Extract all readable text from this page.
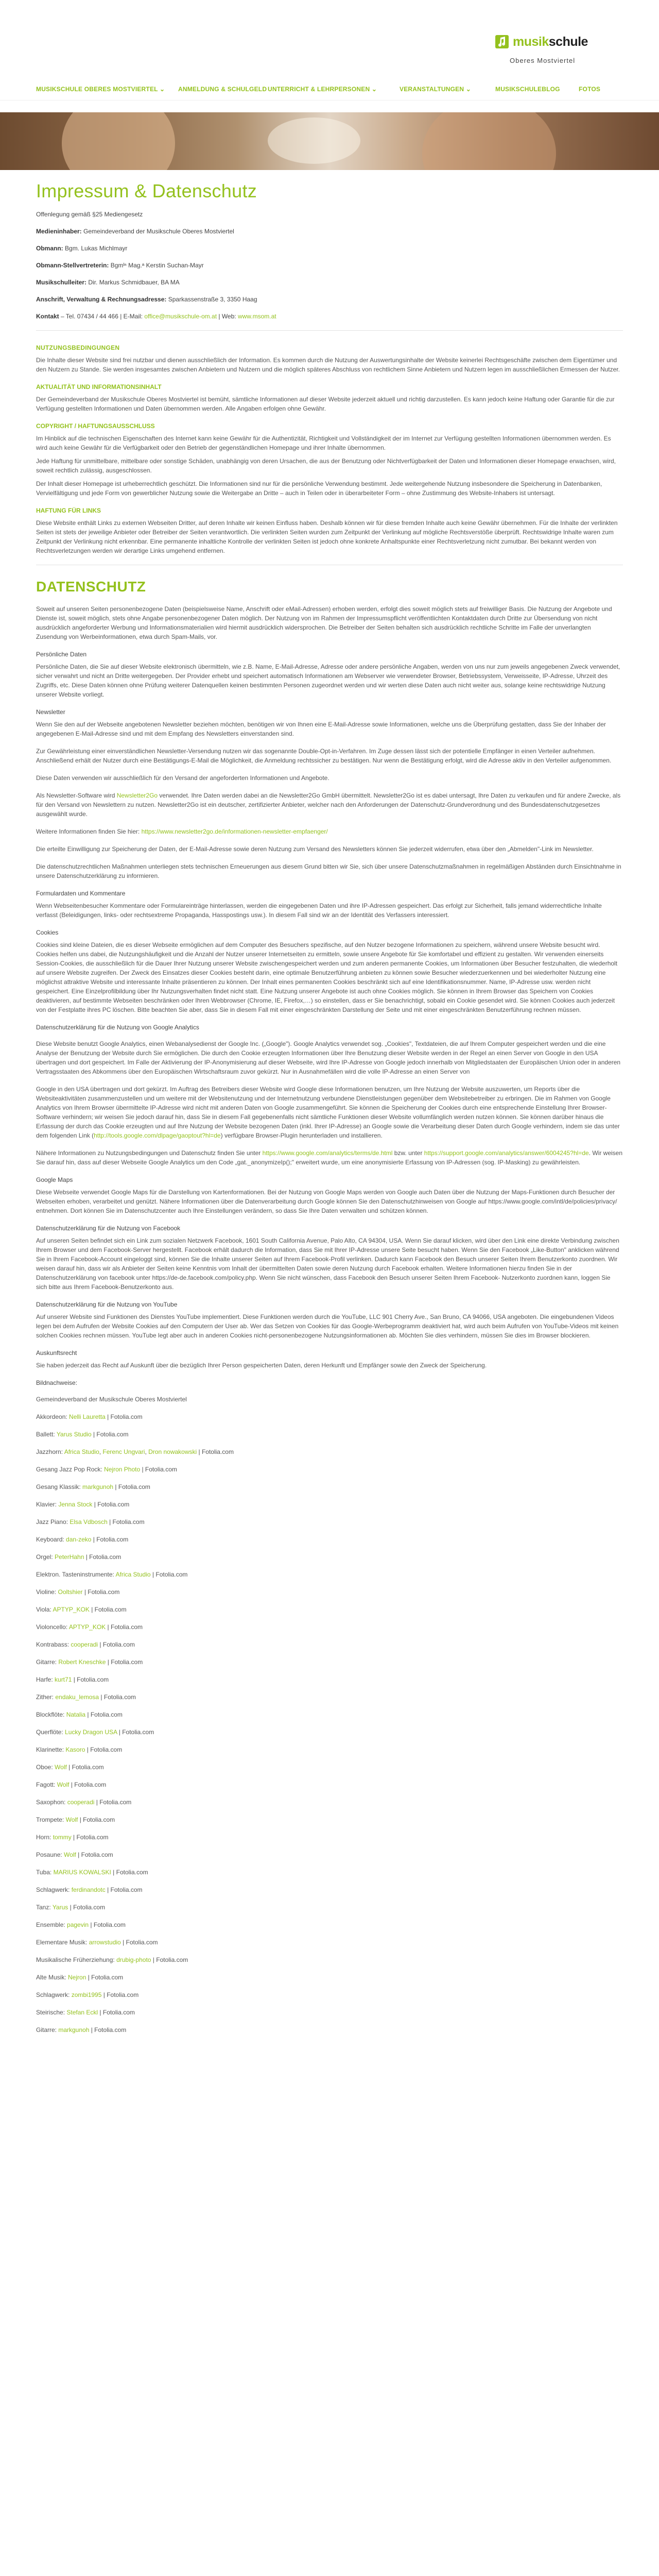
musikschule
Oberes Mostviertel
MUSIKSCHULE OBERES MOSTVIERTEL ⌄ ANMELDUNG & SCHULGELD UNTERRICHT & LEHRPERSONEN ⌄	VERANSTALTUNGEN ⌄	MUSIKSCHULEBLOG	FOTOS
Impressum & Datenschutz
Offenlegung gemäß §25 Mediengesetz
Medieninhaber: Gemeindeverband der Musikschule Oberes Mostviertel
Obmann: Bgm. Lukas Michlmayr
Obmann-Stellvertreterin: Bgmᴵⁿ Mag.ᵃ Kerstin Suchan-Mayr
Musikschulleiter: Dir. Markus Schmidbauer, BA MA
Anschrift, Verwaltung & Rechnungsadresse: Sparkassenstraße 3, 3350 Haag
Kontakt – Tel. 07434 / 44 466 | E-Mail: office@musikschule-om.at | Web: www.msom.at
NUTZUNGSBEDINGUNGEN

Die Inhalte dieser Website sind frei nutzbar und dienen ausschließlich der Information. Es kommen durch die Nutzung der Auswertungsinhalte der Website keinerlei Rechtsgeschäfte zwischen dem Eigentümer und den Nutzern zu Stande. Sie werden insgesamtes zwischen Anbietern und Nutzern und die möglich späteres Abschluss von rechtlichem Sinne Anbietern und Nutzern legen im ausschließlichen Ermessen der Nutzer.

AKTUALITÄT UND INFORMATIONSINHALT

Der Gemeindeverband der Musikschule Oberes Mostviertel ist bemüht, sämtliche Informationen auf dieser Website jederzeit aktuell und richtig darzustellen. Es kann jedoch keine Haftung oder Garantie für die zur Verfügung gestellten Informationen und Daten übernommen werden. Alle Angaben erfolgen ohne Gewähr.

COPYRIGHT / HAFTUNGSAUSSCHLUSS

Im Hinblick auf die technischen Eigenschaften des Internet kann keine Gewähr für die Authentizität, Richtigkeit und Vollständigkeit der im Internet zur Verfügung gestellten Informationen übernommen werden. Es wird auch keine Gewähr für die Verfügbarkeit oder den Betrieb der gegenständlichen Homepage und ihrer Inhalte übernommen.

Jede Haftung für unmittelbare, mittelbare oder sonstige Schäden, unabhängig von deren Ursachen, die aus der Benutzung oder Nichtverfügbarkeit der Daten und Informationen dieser Homepage erwachsen, wird, soweit rechtlich zulässig, ausgeschlossen.

Der Inhalt dieser Homepage ist urheberrechtlich geschützt. Die Informationen sind nur für die persönliche Verwendung bestimmt. Jede weitergehende Nutzung insbesondere die Speicherung in Datenbanken, Vervielfältigung und jede Form von gewerblicher Nutzung sowie die Weitergabe an Dritte – auch in Teilen oder in überarbeiteter Form – ohne Zustimmung des Website-Inhabers ist untersagt.

HAFTUNG FÜR LINKS

Diese Website enthält Links zu externen Webseiten Dritter, auf deren Inhalte wir keinen Einfluss haben. Deshalb können wir für diese fremden Inhalte auch keine Gewähr übernehmen. Für die Inhalte der verlinkten Seiten ist stets der jeweilige Anbieter oder Betreiber der Seiten verantwortlich. Die verlinkten Seiten wurden zum Zeitpunkt der Verlinkung auf mögliche Rechtsverstöße überprüft. Rechtswidrige Inhalte waren zum Zeitpunkt der Verlinkung nicht erkennbar. Eine permanente inhaltliche Kontrolle der verlinkten Seiten ist jedoch ohne konkrete Anhaltspunkte einer Rechtsverletzung nicht zumutbar. Bei bekannt werden von Rechtsverletzungen werden wir derartige Links umgehend entfernen.

DATENSCHUTZ

Soweit auf unseren Seiten personenbezogene Daten (beispielsweise Name, Anschrift oder eMail-Adressen) erhoben werden, erfolgt dies soweit möglich stets auf freiwilliger Basis. Die Nutzung der Angebote und Dienste ist, soweit möglich, stets ohne Angabe personenbezogener Daten möglich. Der Nutzung von im Rahmen der Impressumspflicht veröffentlichten Kontaktdaten durch Dritte zur Übersendung von nicht ausdrücklich angeforderter Werbung und Informationsmaterialien wird hiermit ausdrücklich widersprochen. Die Betreiber der Seiten behalten sich ausdrücklich rechtliche Schritte im Falle der unverlangten Zusendung von Werbeinformationen, etwa durch Spam-Mails, vor.

Persönliche Daten

Persönliche Daten, die Sie auf dieser Website elektronisch übermitteln, wie z.B. Name, E-Mail-Adresse, Adresse oder andere persönliche Angaben, werden von uns nur zum jeweils angegebenen Zweck verwendet, sicher verwahrt und nicht an Dritte weitergegeben. Der Provider erhebt und speichert automatisch Informationen am Webserver wie verwendeter Browser, Betriebssystem, Verweisseite, IP-Adresse, Uhrzeit des Zugriffs, etc. Diese Daten können ohne Prüfung weiterer Datenquellen keinen bestimmten Personen zugeordnet werden und wir werten diese Daten auch nicht weiter aus, solange keine rechtswidrige Nutzung unserer Website vorliegt.

Newsletter

Wenn Sie den auf der Webseite angebotenen Newsletter beziehen möchten, benötigen wir von Ihnen eine E-Mail-Adresse sowie Informationen, welche uns die Überprüfung gestatten, dass Sie der Inhaber der angegebenen E-Mail-Adresse sind und mit dem Empfang des Newsletters einverstanden sind.

Zur Gewährleistung einer einverständlichen Newsletter-Versendung nutzen wir das sogenannte Double-Opt-in-Verfahren. Im Zuge dessen lässt sich der potentielle Empfänger in einen Verteiler aufnehmen. Anschließend erhält der Nutzer durch eine Bestätigungs-E-Mail die Möglichkeit, die Anmeldung rechtssicher zu bestätigen. Nur wenn die Bestätigung erfolgt, wird die Adresse aktiv in den Verteiler aufgenommen.

Diese Daten verwenden wir ausschließlich für den Versand der angeforderten Informationen und Angebote.

Als Newsletter-Software wird Newsletter2Go verwendet. Ihre Daten werden dabei an die Newsletter2Go GmbH übermittelt. Newsletter2Go ist es dabei untersagt, Ihre Daten zu verkaufen und für andere Zwecke, als für den Versand von Newslettern zu nutzen. Newsletter2Go ist ein deutscher, zertifizierter Anbieter, welcher nach den Anforderungen der Datenschutz-Grundverordnung und des Bundesdatenschutzgesetzes ausgewählt wurde.

Weitere Informationen finden Sie hier: https://www.newsletter2go.de/informationen-newsletter-empfaenger/

Die erteilte Einwilligung zur Speicherung der Daten, der E-Mail-Adresse sowie deren Nutzung zum Versand des Newsletters können Sie jederzeit widerrufen, etwa über den „Abmelden"-Link im Newsletter.

Die datenschutzrechtlichen Maßnahmen unterliegen stets technischen Erneuerungen aus diesem Grund bitten wir Sie, sich über unsere Datenschutzmaßnahmen in regelmäßigen Abständen durch Einsichtnahme in unsere Datenschutzerklärung zu informieren.

Formulardaten und Kommentare

Wenn Webseitenbesucher Kommentare oder Formulareinträge hinterlassen, werden die eingegebenen Daten und ihre IP-Adressen gespeichert. Das erfolgt zur Sicherheit, falls jemand widerrechtliche Inhalte verfasst (Beleidigungen, links- oder rechtsextreme Propaganda, Hasspostings usw.). In diesem Fall sind wir an der Identität des Verfassers interessiert.

Cookies

Cookies sind kleine Dateien, die es dieser Webseite ermöglichen auf dem Computer des Besuchers spezifische, auf den Nutzer bezogene Informationen zu speichern, während unsere Website besucht wird. Cookies helfen uns dabei, die Nutzungshäufigkeit und die Anzahl der Nutzer unserer Internetseiten zu ermitteln, sowie unsere Angebote für Sie komfortabel und effizient zu gestalten. Wir verwenden einerseits Session-Cookies, die ausschließlich für die Dauer Ihrer Nutzung unserer Website zwischengespeichert werden und zum anderen permanente Cookies, um Informationen über Besucher festzuhalten, die wiederholt auf unsere Website zugreifen. Der Zweck des Einsatzes dieser Cookies besteht darin, eine optimale Benutzerführung anbieten zu können sowie Besucher wiederzuerkennen und bei wiederholter Nutzung eine möglichst attraktive Website und interessante Inhalte präsentieren zu können. Der Inhalt eines permanenten Cookies beschränkt sich auf eine Identifikationsnummer. Name, IP-Adresse usw. werden nicht gespeichert. Eine Einzelprofilbildung über Ihr Nutzungsverhalten findet nicht statt. Eine Nutzung unserer Angebote ist auch ohne Cookies möglich. Sie können in Ihrem Browser das Speichern von Cookies deaktivieren, auf bestimmte Webseiten beschränken oder Ihren Webbrowser (Chrome, IE, Firefox,…) so einstellen, dass er Sie benachrichtigt, sobald ein Cookie gesendet wird. Sie können Cookies auch jederzeit von der Festplatte ihres PC löschen. Bitte beachten Sie aber, dass Sie in diesem Fall mit einer eingeschränkten Darstellung der Seite und mit einer eingeschränkten Benutzerführung rechnen müssen.

Datenschutzerklärung für die Nutzung von Google Analytics

Diese Website benutzt Google Analytics, einen Webanalysedienst der Google Inc. („Google"). Google Analytics verwendet sog. „Cookies", Textdateien, die auf Ihrem Computer gespeichert werden und die eine Analyse der Benutzung der Website durch Sie ermöglichen. Die durch den Cookie erzeugten Informationen über Ihre Benutzung dieser Website werden in der Regel an einen Server von Google in den USA übertragen und dort gespeichert. Im Falle der Aktivierung der IP-Anonymisierung auf dieser Webseite, wird Ihre IP-Adresse von Google jedoch innerhalb von Mitgliedstaaten der Europäischen Union oder in anderen Vertragsstaaten des Abkommens über den Europäischen Wirtschaftsraum zuvor gekürzt. Nur in Ausnahmefällen wird die volle IP-Adresse an einen Server von

Google in den USA übertragen und dort gekürzt. Im Auftrag des Betreibers dieser Website wird Google diese Informationen benutzen, um Ihre Nutzung der Website auszuwerten, um Reports über die Websiteaktivitäten zusammenzustellen und um weitere mit der Websitenutzung und der Internetnutzung verbundene Dienstleistungen gegenüber dem Websitebetreiber zu erbringen. Die im Rahmen von Google Analytics von Ihrem Browser übermittelte IP-Adresse wird nicht mit anderen Daten von Google zusammengeführt. Sie können die Speicherung der Cookies durch eine entsprechende Einstellung Ihrer Browser-Software verhindern; wir weisen Sie jedoch darauf hin, dass Sie in diesem Fall gegebenenfalls nicht sämtliche Funktionen dieser Website vollumfänglich werden nutzen können. Sie können darüber hinaus die Erfassung der durch das Cookie erzeugten und auf Ihre Nutzung der Website bezogenen Daten (inkl. Ihrer IP-Adresse) an Google sowie die Verarbeitung dieser Daten durch Google verhindern, indem sie das unter dem folgenden Link (http://tools.google.com/dlpage/gaoptout?hl=de) verfügbare Browser-Plugin herunterladen und installieren.

Nähere Informationen zu Nutzungsbedingungen und Datenschutz finden Sie unter https://www.google.com/analytics/terms/de.html bzw. unter https://support.google.com/analytics/answer/6004245?hl=de. Wir weisen Sie darauf hin, dass auf dieser Webseite Google Analytics um den Code „gat._anonymizeIp();" erweitert wurde, um eine anonymisierte Erfassung von IP-Adressen (sog. IP-Masking) zu gewährleisten.

Google Maps

Diese Webseite verwendet Google Maps für die Darstellung von Kartenformationen. Bei der Nutzung von Google Maps werden von Google auch Daten über die Nutzung der Maps-Funktionen durch Besucher der Webseiten erhoben, verarbeitet und genützt. Nähere Informationen über die Datenverarbeitung durch Google können Sie den Datenschutzhinweisen von Google auf https://www.google.com/intl/de/policies/privacy/ entnehmen. Dort können Sie im Datenschutzcenter auch Ihre Einstellungen verändern, so dass Sie Ihre Daten verwalten und schützen können.

Datenschutzerklärung für die Nutzung von Facebook

Auf unseren Seiten befindet sich ein Link zum sozialen Netzwerk Facebook, 1601 South California Avenue, Palo Alto, CA 94304, USA. Wenn Sie darauf klicken, wird über den Link eine direkte Verbindung zwischen Ihrem Browser und dem Facebook-Server hergestellt. Facebook erhält dadurch die Information, dass Sie mit Ihrer IP-Adresse unsere Seite besucht haben. Wenn Sie den Facebook „Like-Button" anklicken während Sie in Ihrem Facebook-Account eingeloggt sind, können Sie die Inhalte unserer Seiten auf Ihrem Facebook-Profil verlinken. Dadurch kann Facebook den Besuch unserer Seiten Ihrem Benutzerkonto zuordnen. Wir weisen darauf hin, dass wir als Anbieter der Seiten keine Kenntnis vom Inhalt der übermittelten Daten sowie deren Nutzung durch Facebook erhalten. Weitere Informationen hierzu finden Sie in der Datenschutzerklärung von facebook unter https://de-de.facebook.com/policy.php. Wenn Sie nicht wünschen, dass Facebook den Besuch unserer Seiten Ihrem Facebook- Nutzerkonto zuordnen kann, loggen Sie sich bitte aus Ihrem Facebook-Benutzerkonto aus.

Datenschutzerklärung für die Nutzung von YouTube

Auf unserer Website sind Funktionen des Dienstes YouTube implementiert. Diese Funktionen werden durch die YouTube, LLC 901 Cherry Ave., San Bruno, CA 94066, USA angeboten. Die eingebundenen Videos legen bei dem Aufrufen der Website Cookies auf den Computern der User ab. Wer das Setzen von Cookies für das Google-Werbeprogramm deaktiviert hat, wird auch beim Aufrufen von YouTube-Videos mit keinen solchen Cookies rechnen müssen. YouTube legt aber auch in anderen Cookies nicht-personenbezogene Nutzungsinformationen ab. Möchten Sie dies verhindern, müssen Sie dies im Browser blockieren.

Auskunftsrecht

Sie haben jederzeit das Recht auf Auskunft über die bezüglich Ihrer Person gespeicherten Daten, deren Herkunft und Empfänger sowie den Zweck der Speicherung.

Bildnachweise:

Gemeindeverband der Musikschule Oberes Mostviertel

Akkordeon: Nelli Lauretta | Fotolia.com

Ballett: Yarus Studio | Fotolia.com

Jazzhorn: Africa Studio, Ferenc Ungvari, Dron nowakowski | Fotolia.com

Gesang Jazz Pop Rock: Nejron Photo | Fotolia.com

Gesang Klassik: markgunoh | Fotolia.com

Klavier: Jenna Stock | Fotolia.com

Jazz Piano: Elsa Vdbosch | Fotolia.com

Keyboard: dan-zeko | Fotolia.com

Orgel: PeterHahn | Fotolia.com

Elektron. Tasteninstrumente: Africa Studio | Fotolia.com

Violine: Ooltshier | Fotolia.com

Viola: APTYP_KOK | Fotolia.com

Violoncello: APTYP_KOK | Fotolia.com

Kontrabass: cooperadi | Fotolia.com

Gitarre: Robert Kneschke | Fotolia.com

Harfe: kurt71 | Fotolia.com

Zither: endaku_lemosa | Fotolia.com

Blockflöte: Natalia | Fotolia.com

Querflöte: Lucky Dragon USA | Fotolia.com

Klarinette: Kasoro | Fotolia.com

Oboe: Wolf | Fotolia.com

Fagott: Wolf | Fotolia.com

Saxophon: cooperadi | Fotolia.com

Trompete: Wolf | Fotolia.com

Horn: tommy | Fotolia.com

Posaune: Wolf | Fotolia.com

Tuba: MARIUS KOWALSKI | Fotolia.com

Schlagwerk: ferdinandotc | Fotolia.com

Tanz: Yarus | Fotolia.com

Ensemble: pagevin | Fotolia.com

Elementare Musik: arrowstudio | Fotolia.com

Musikalische Früherziehung: drubig-photo | Fotolia.com

Alte Musik: Nejron | Fotolia.com

Schlagwerk: zombi1995 | Fotolia.com

Steirische: Stefan Eckl | Fotolia.com

Gitarre: markgunoh | Fotolia.com
